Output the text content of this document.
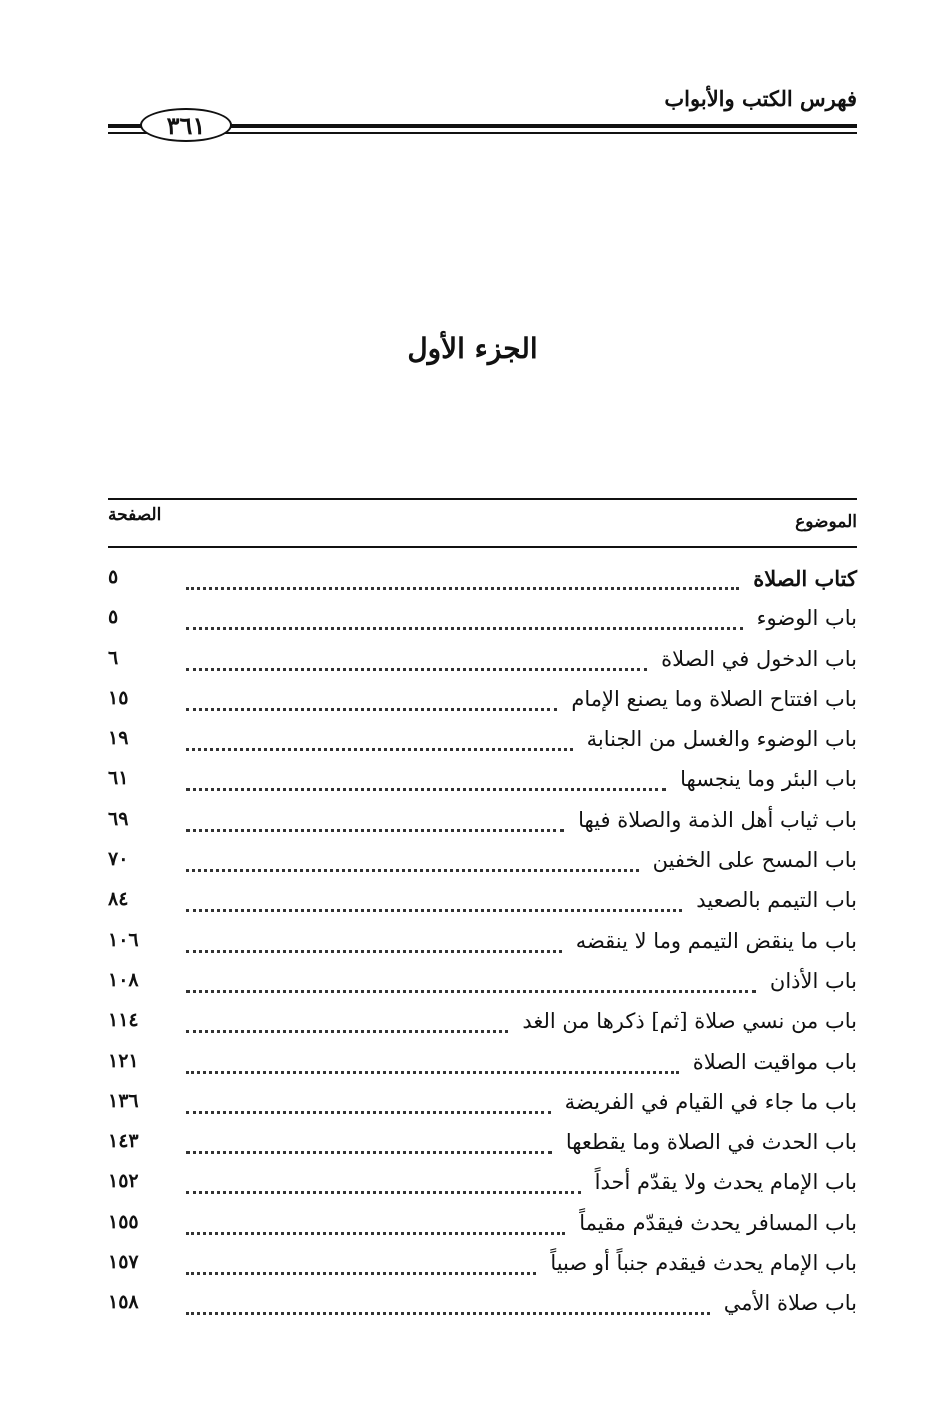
فهرس الكتب والأبواب
٣٦١
الجزء الأول
الموضوع
الصفحة
كتاب الصلاة
٥
باب الوضوء
٥
باب الدخول في الصلاة
٦
باب افتتاح الصلاة وما يصنع الإمام
١٥
باب الوضوء والغسل من الجنابة
١٩
باب البئر وما ينجسها
٦١
باب ثياب أهل الذمة والصلاة فيها
٦٩
باب المسح على الخفين
٧٠
باب التيمم بالصعيد
٨٤
باب ما ينقض التيمم وما لا ينقضه
١٠٦
باب الأذان
١٠٨
باب من نسي صلاة [ثم] ذكرها من الغد
١١٤
باب مواقيت الصلاة
١٢١
باب ما جاء في القيام في الفريضة
١٣٦
باب الحدث في الصلاة وما يقطعها
١٤٣
باب الإمام يحدث ولا يقدّم أحداً
١٥٢
باب المسافر يحدث فيقدّم مقيماً
١٥٥
باب الإمام يحدث فيقدم جنباً أو صبياً
١٥٧
باب صلاة الأمي
١٥٨
